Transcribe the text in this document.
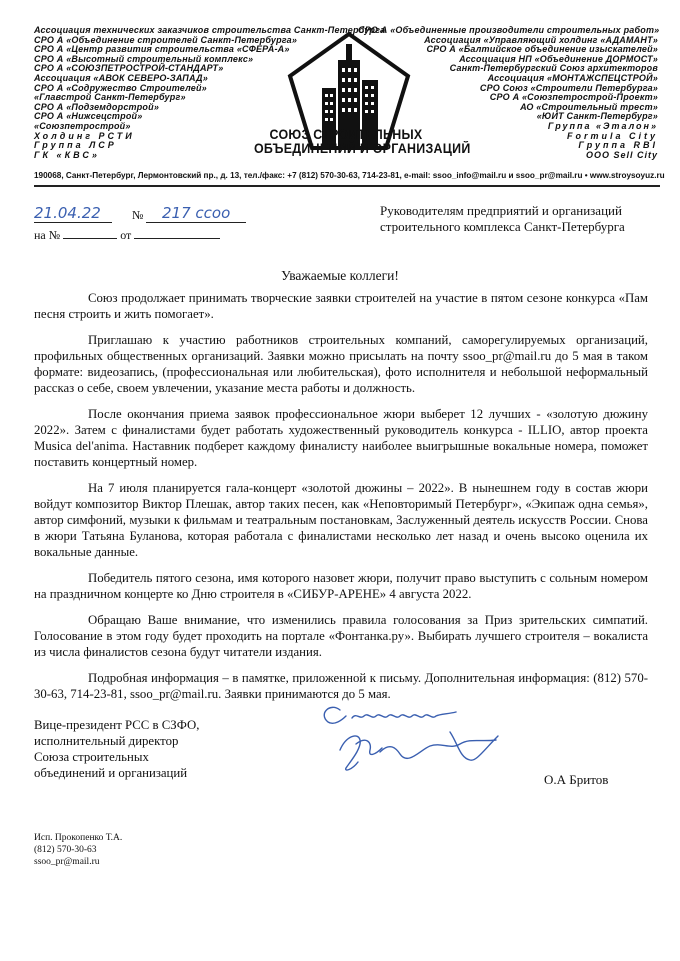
Ассоциация технических заказчиков строительства Санкт-Петербурга
СРО А «Объединение строителей Санкт-Петербурга»
СРО А «Центр развития строительства «СФЕРА-А»
СРО А «Высотный строительный комплекс»
СРО А «СОЮЗПЕТРОСТРОЙ-СТАНДАРТ»
Ассоциация «АВОК СЕВЕРО-ЗАПАД»
СРО А «Содружество Строителей»
«Главстрой Санкт-Петербург»
СРО А «Подземдорстрой»
СРО А «Нижсецстрой»
«Союзпетрострой»
Холдинг РСТИ
Группа ЛСР
ГК «КВС»
СОЮЗ СТРОИТЕЛЬНЫХ
ОБЪЕДИНЕНИЙ И ОРГАНИЗАЦИЙ
СРО А «Объединенные производители строительных работ»
Ассоциация «Управляющий холдинг «АДАМАНТ»
СРО А «Балтийское объединение изыскателей»
Ассоциация НП «Объединение ДОРМОСТ»
Санкт-Петербургский Союз архитекторов
Ассоциация «МОНТАЖСПЕЦСТРОЙ»
СРО Союз «Строители Петербурга»
СРО А «Союзпетрострой-Проект»
АО «Строительный трест»
«ЮИТ Санкт-Петербург»
Группа «Эталон»
Formula City
Группа RBI
ООО Sell City
190068, Санкт-Петербург, Лермонтовский пр., д. 13, тел./факс: +7 (812) 570-30-63, 714-23-81, e-mail: ssoo_info@mail.ru и ssoo_pr@mail.ru • www.stroysoyuz.ru
21.04.22	№ 217 ссоо
на №	от
Руководителям предприятий и организаций
строительного комплекса Санкт-Петербурга
Уважаемые коллеги!

Союз продолжает принимать творческие заявки строителей на участие в пятом сезоне конкурса «Пам песня строить и жить помогает».

Приглашаю к участию работников строительных компаний, саморегулируемых организаций, профильных общественных организаций. Заявки можно присылать на почту ssoo_pr@mail.ru до 5 мая в таком формате: видеозапись, (профессиональная или любительская), фото исполнителя и небольшой неформальный рассказ о себе, своем увлечении, указание места работы и должность.

После окончания приема заявок профессиональное жюри выберет 12 лучших - «золотую дюжину 2022». Затем с финалистами будет работать художественный руководитель конкурса - ILLIO, автор проекта Musica del'anima. Наставник подберет каждому финалисту наиболее выигрышные вокальные номера, поможет поставить концертный номер.

На 7 июля планируется гала-концерт «золотой дюжины – 2022». В нынешнем году в состав жюри войдут композитор Виктор Плешак, автор таких песен, как «Неповторимый Петербург», «Экипаж одна семья», автор симфоний, музыки к фильмам и театральным постановкам, Заслуженный деятель искусств России. Снова в жюри Татьяна Буланова, которая работала с финалистами несколько лет назад и очень высоко оценила их вокальные данные.

Победитель пятого сезона, имя которого назовет жюри, получит право выступить с сольным номером на праздничном концерте ко Дню строителя в «СИБУР-АРЕНЕ» 4 августа 2022.

Обращаю Ваше внимание, что изменились правила голосования за Приз зрительских симпатий. Голосование в этом году будет проходить на портале «Фонтанка.ру». Выбирать лучшего строителя – вокалиста из числа финалистов сезона будут читатели издания.

Подробная информация – в памятке, приложенной к письму. Дополнительная информация: (812) 570-30-63, 714-23-81, ssoo_pr@mail.ru. Заявки принимаются до 5 мая.

Вице-президент РСС в СЗФО,
исполнительный директор
Союза строительных
объединений и организаций	О.А Бритов
Исп. Прокопенко Т.А.
(812) 570-30-63
ssoo_pr@mail.ru
